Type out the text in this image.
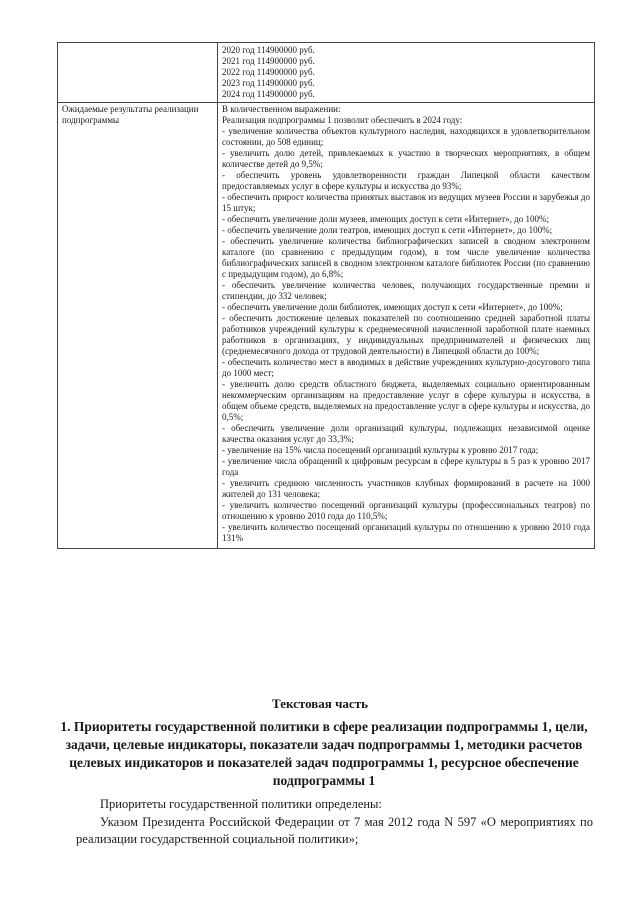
2020 год 114900000 руб.
2021 год 114900000 руб.
2022 год 114900000 руб.
2023 год 114900000 руб.
2024 год 114900000 руб.
Ожидаемые результаты реализации подпрограммы
В количественном выражении:
Реализация подпрограммы 1 позволит обеспечить в 2024 году:
- увеличение количества объектов культурного наследия, находящихся в удовлетворительном состоянии, до 508 единиц;
- увеличить долю детей, привлекаемых к участию в творческих мероприятиях, в общем количестве детей до 9,5%;
- обеспечить уровень удовлетворенности граждан Липецкой области качеством предоставляемых услуг в сфере культуры и искусства до 93%;
- обеспечить прирост количества принятых выставок из ведущих музеев России и зарубежья до 15 штук;
- обеспечить увеличение доли музеев, имеющих доступ к сети «Интернет», до 100%;
- обеспечить увеличение доли театров, имеющих доступ к сети «Интернет», до 100%;
- обеспечить увеличение количества библиографических записей в сводном электронном каталоге (по сравнению с предыдущим годом), в том числе увеличение количества библиографических записей в сводном электронном каталоге библиотек России (по сравнению с предыдущим годом), до 6,8%;
- обеспечить увеличение количества человек, получающих государственные премии и стипендии, до 332 человек;
- обеспечить увеличение доли библиотек, имеющих доступ к сети «Интернет», до 100%;
- обеспечить достижение целевых показателей по соотношению средней заработной платы работников учреждений культуры к среднемесячной начисленной заработной плате наемных работников в организациях, у индивидуальных предпринимателей и физических лиц (среднемесячного дохода от трудовой деятельности) в Липецкой области до 100%;
- обеспечить количество мест в вводимых в действие учреждениях культурно-досугового типа до 1000 мест;
- увеличить долю средств областного бюджета, выделяемых социально ориентированным некоммерческим организациям на предоставление услуг в сфере культуры и искусства, в общем объеме средств, выделяемых на предоставление услуг в сфере культуры и искусства, до 0,5%;
- обеспечить увеличение доли организаций культуры, подлежащих независимой оценке качества оказания услуг до 33,3%;
- увеличение на 15% числа посещений организаций культуры к уровню 2017 года;
- увеличение числа обращений к цифровым ресурсам в сфере культуры в 5 раз к уровню 2017 года
- увеличить среднюю численность участников клубных формирований в расчете на 1000 жителей до 131 человека;
- увеличить количество посещений организаций культуры (профессиональных театров) по отношению к уровню 2010 года до 110,5%;
- увеличить количество посещений организаций культуры по отношению к уровню 2010 года 131%
Текстовая часть
1. Приоритеты государственной политики в сфере реализации подпрограммы 1, цели, задачи, целевые индикаторы, показатели задач подпрограммы 1, методики расчетов целевых индикаторов и показателей задач подпрограммы 1, ресурсное обеспечение подпрограммы 1
Приоритеты государственной политики определены:
Указом Президента Российской Федерации от 7 мая 2012 года N 597 «О мероприятиях по реализации государственной социальной политики»;
